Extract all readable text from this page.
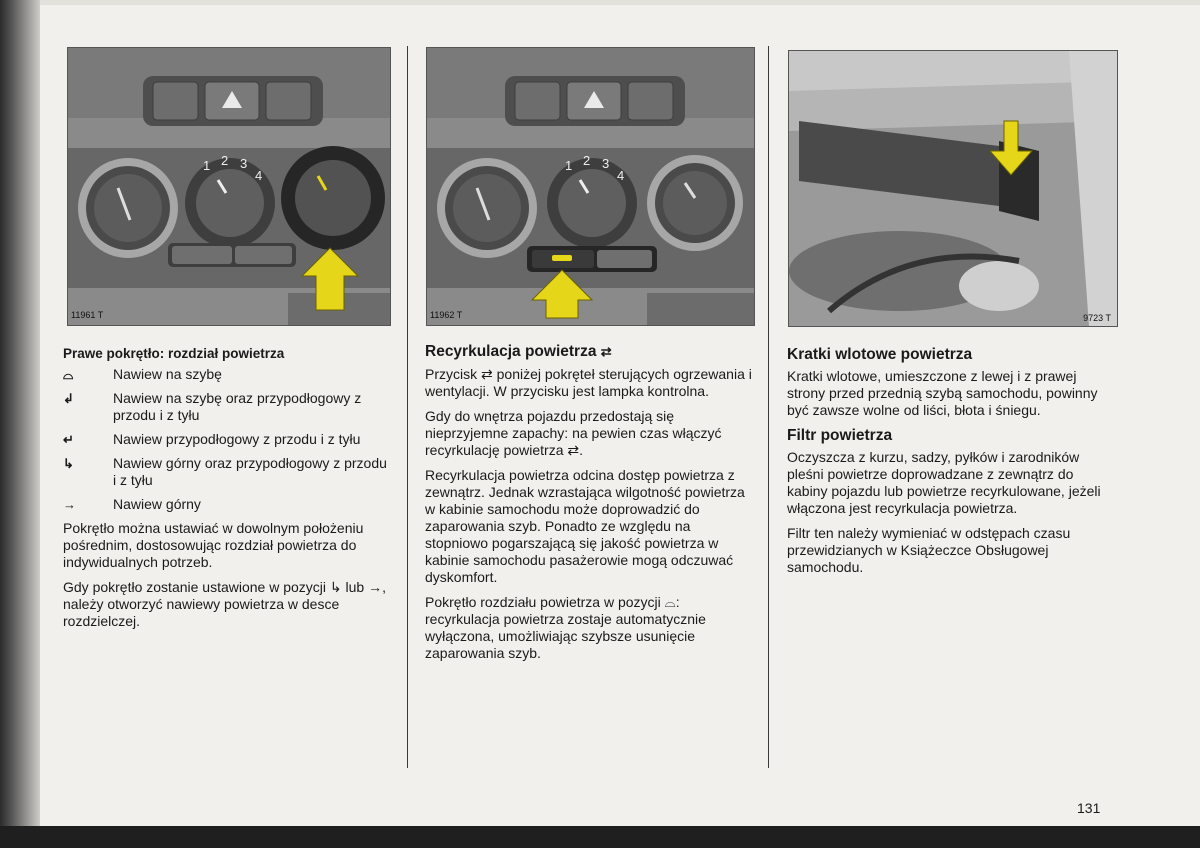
1 2 3
4
11961 T
1 2 3
4
11962 T	9723 T
Prawe pokrętło: rozdział powietrza
⌓	Nawiew na szybę
↲	Nawiew na szybę oraz przypodłogowy z przodu i z tyłu
↵	Nawiew przypodłogowy z przodu i z tyłu
↳	Nawiew górny oraz przypodłogowy z przodu i z tyłu
→	Nawiew górny

Pokrętło można ustawiać w dowolnym położeniu pośrednim, dostosowując rozdział powietrza do indywidualnych potrzeb.

Gdy pokrętło zostanie ustawione w pozycji ↳ lub →, należy otworzyć nawiewy powietrza w desce rozdzielczej.

Recyrkulacja powietrza ⇄

Przycisk ⇄ poniżej pokręteł sterujących ogrzewania i wentylacji. W przycisku jest lampka kontrolna.

Gdy do wnętrza pojazdu przedostają się nieprzyjemne zapachy: na pewien czas włączyć recyrkulację powietrza ⇄.

Recyrkulacja powietrza odcina dostęp powietrza z zewnątrz. Jednak wzrastająca wilgotność powietrza w kabinie samochodu może doprowadzić do zaparowania szyb. Ponadto ze względu na stopniowo pogarszającą się jakość powietrza w kabinie samochodu pasażerowie mogą odczuwać dyskomfort.

Pokrętło rozdziału powietrza w pozycji ⌓: recyrkulacja powietrza zostaje automatycznie wyłączona, umożliwiając szybsze usunięcie zaparowania szyb.

Kratki wlotowe powietrza

Kratki wlotowe, umieszczone z lewej i z prawej strony przed przednią szybą samochodu, powinny być zawsze wolne od liści, błota i śniegu.

Filtr powietrza

Oczyszcza z kurzu, sadzy, pyłków i zarodników pleśni powietrze doprowadzane z zewnątrz do kabiny pojazdu lub powietrze recyrkulowane, jeżeli włączona jest recyrkulacja powietrza.

Filtr ten należy wymieniać w odstępach czasu przewidzianych w Książeczce Obsługowej samochodu.

131
